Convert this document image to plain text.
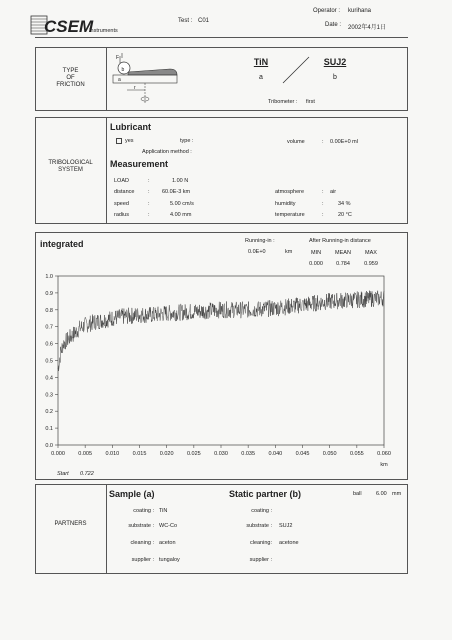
CSEM
Instruments
Test : C01
Operator : kurihana
Date : 2002年4月1日
TYPE
OF
FRICTION
F
b
a
r
TiN	SUJ2
a	b
Tribometer : first
TRIBOLOGICAL
SYSTEM
Lubricant
yes	type :
Application method :
volume	: 0.00E+0 ml
Measurement
LOAD	:	1.00 N
distance : 60.0E-3 km	atmosphere	: air
speed	:	5.00 cm/s	humidity	:	34 %
radius	:	4.00 mm	temperature	:	20 °C
integrated	Running-in :
0.0E+0	km
After Running-in distance
MIN	MEAN	MAX
0.000	0.784	0.959
0.0
0.1
0.2
0.3
0.4
0.5
0.6
0.7
0.8
0.9
1.0
0.000 0.005 0.010 0.015 0.020 0.025 0.030 0.035 0.040 0.045 0.050 0.055 0.060
km
Start 0.722
PARTNERS
Sample (a)	Static partner (b)	ball	6.00 mm
coating : TiN
substrate : WC-Co
cleaning : aceton
supplier : tungaloy
coating :
substrate : SUJ2
cleaning: acetone
supplier :
